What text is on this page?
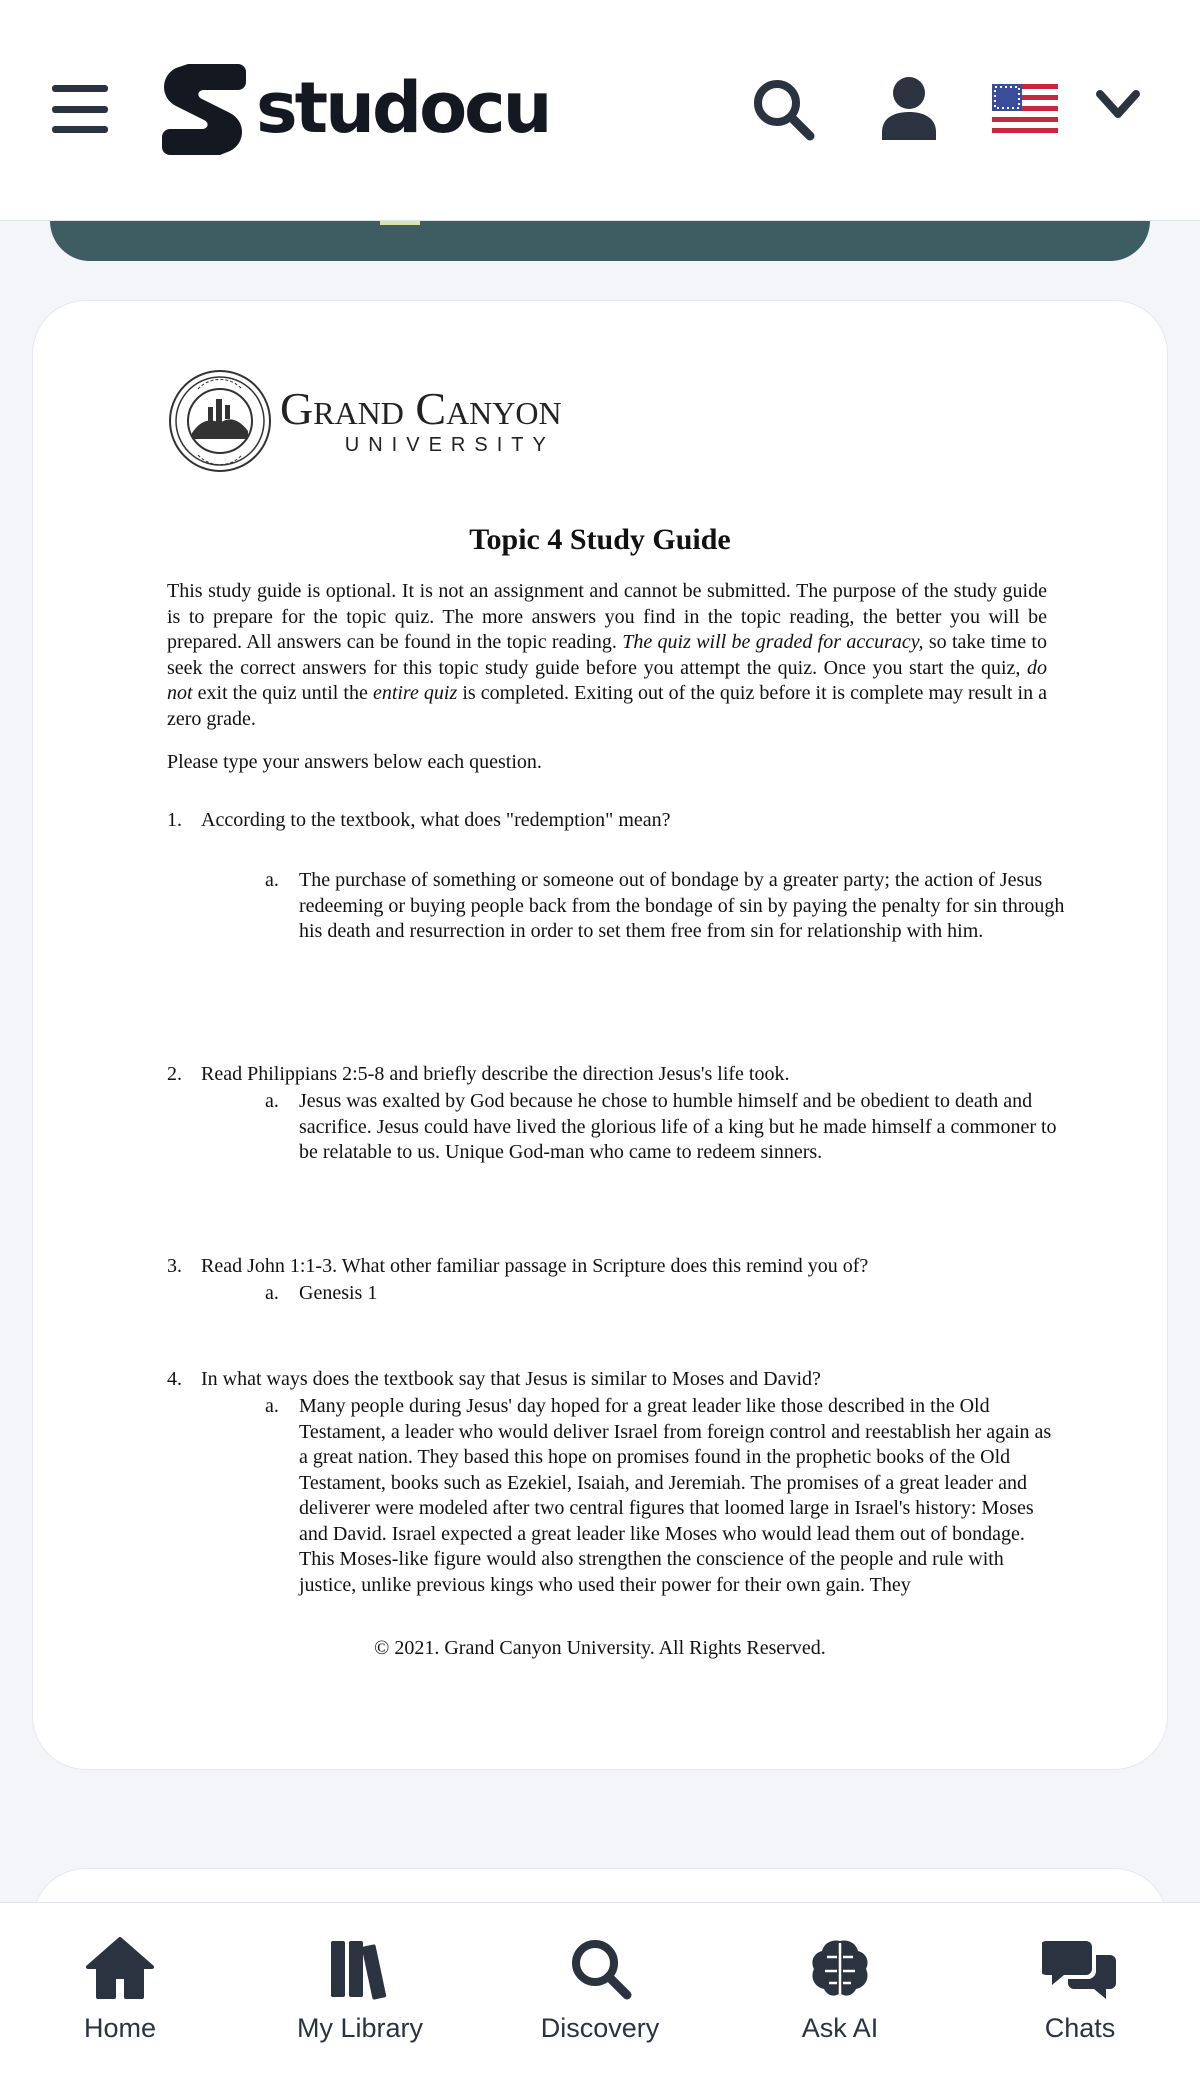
studocu
Grand Canyon
UNIVERSITY
Topic 4 Study Guide
This study guide is optional. It is not an assignment and cannot be submitted. The purpose of the study guide is to prepare for the topic quiz. The more answers you find in the topic reading, the better you will be prepared. All answers can be found in the topic reading. The quiz will be graded for accuracy, so take time to seek the correct answers for this topic study guide before you attempt the quiz. Once you start the quiz, do not exit the quiz until the entire quiz is completed. Exiting out of the quiz before it is complete may result in a zero grade.
Please type your answers below each question.
1. According to the textbook, what does "redemption" mean?
a. The purchase of something or someone out of bondage by a greater party; the action of Jesus redeeming or buying people back from the bondage of sin by paying the penalty for sin through his death and resurrection in order to set them free from sin for relationship with him.
2. Read Philippians 2:5-8 and briefly describe the direction Jesus's life took.
a. Jesus was exalted by God because he chose to humble himself and be obedient to death and sacrifice. Jesus could have lived the glorious life of a king but he made himself a commoner to be relatable to us. Unique God-man who came to redeem sinners.
3. Read John 1:1-3. What other familiar passage in Scripture does this remind you of?
a. Genesis 1
4. In what ways does the textbook say that Jesus is similar to Moses and David?
a. Many people during Jesus' day hoped for a great leader like those described in the Old Testament, a leader who would deliver Israel from foreign control and reestablish her again as a great nation. They based this hope on promises found in the prophetic books of the Old Testament, books such as Ezekiel, Isaiah, and Jeremiah. The promises of a great leader and deliverer were modeled after two central figures that loomed large in Israel's history: Moses and David. Israel expected a great leader like Moses who would lead them out of bondage. This Moses-like figure would also strengthen the conscience of the people and rule with justice, unlike previous kings who used their power for their own gain. They
© 2021. Grand Canyon University. All Rights Reserved.
Home	My Library	Discovery	Ask AI	Chats
